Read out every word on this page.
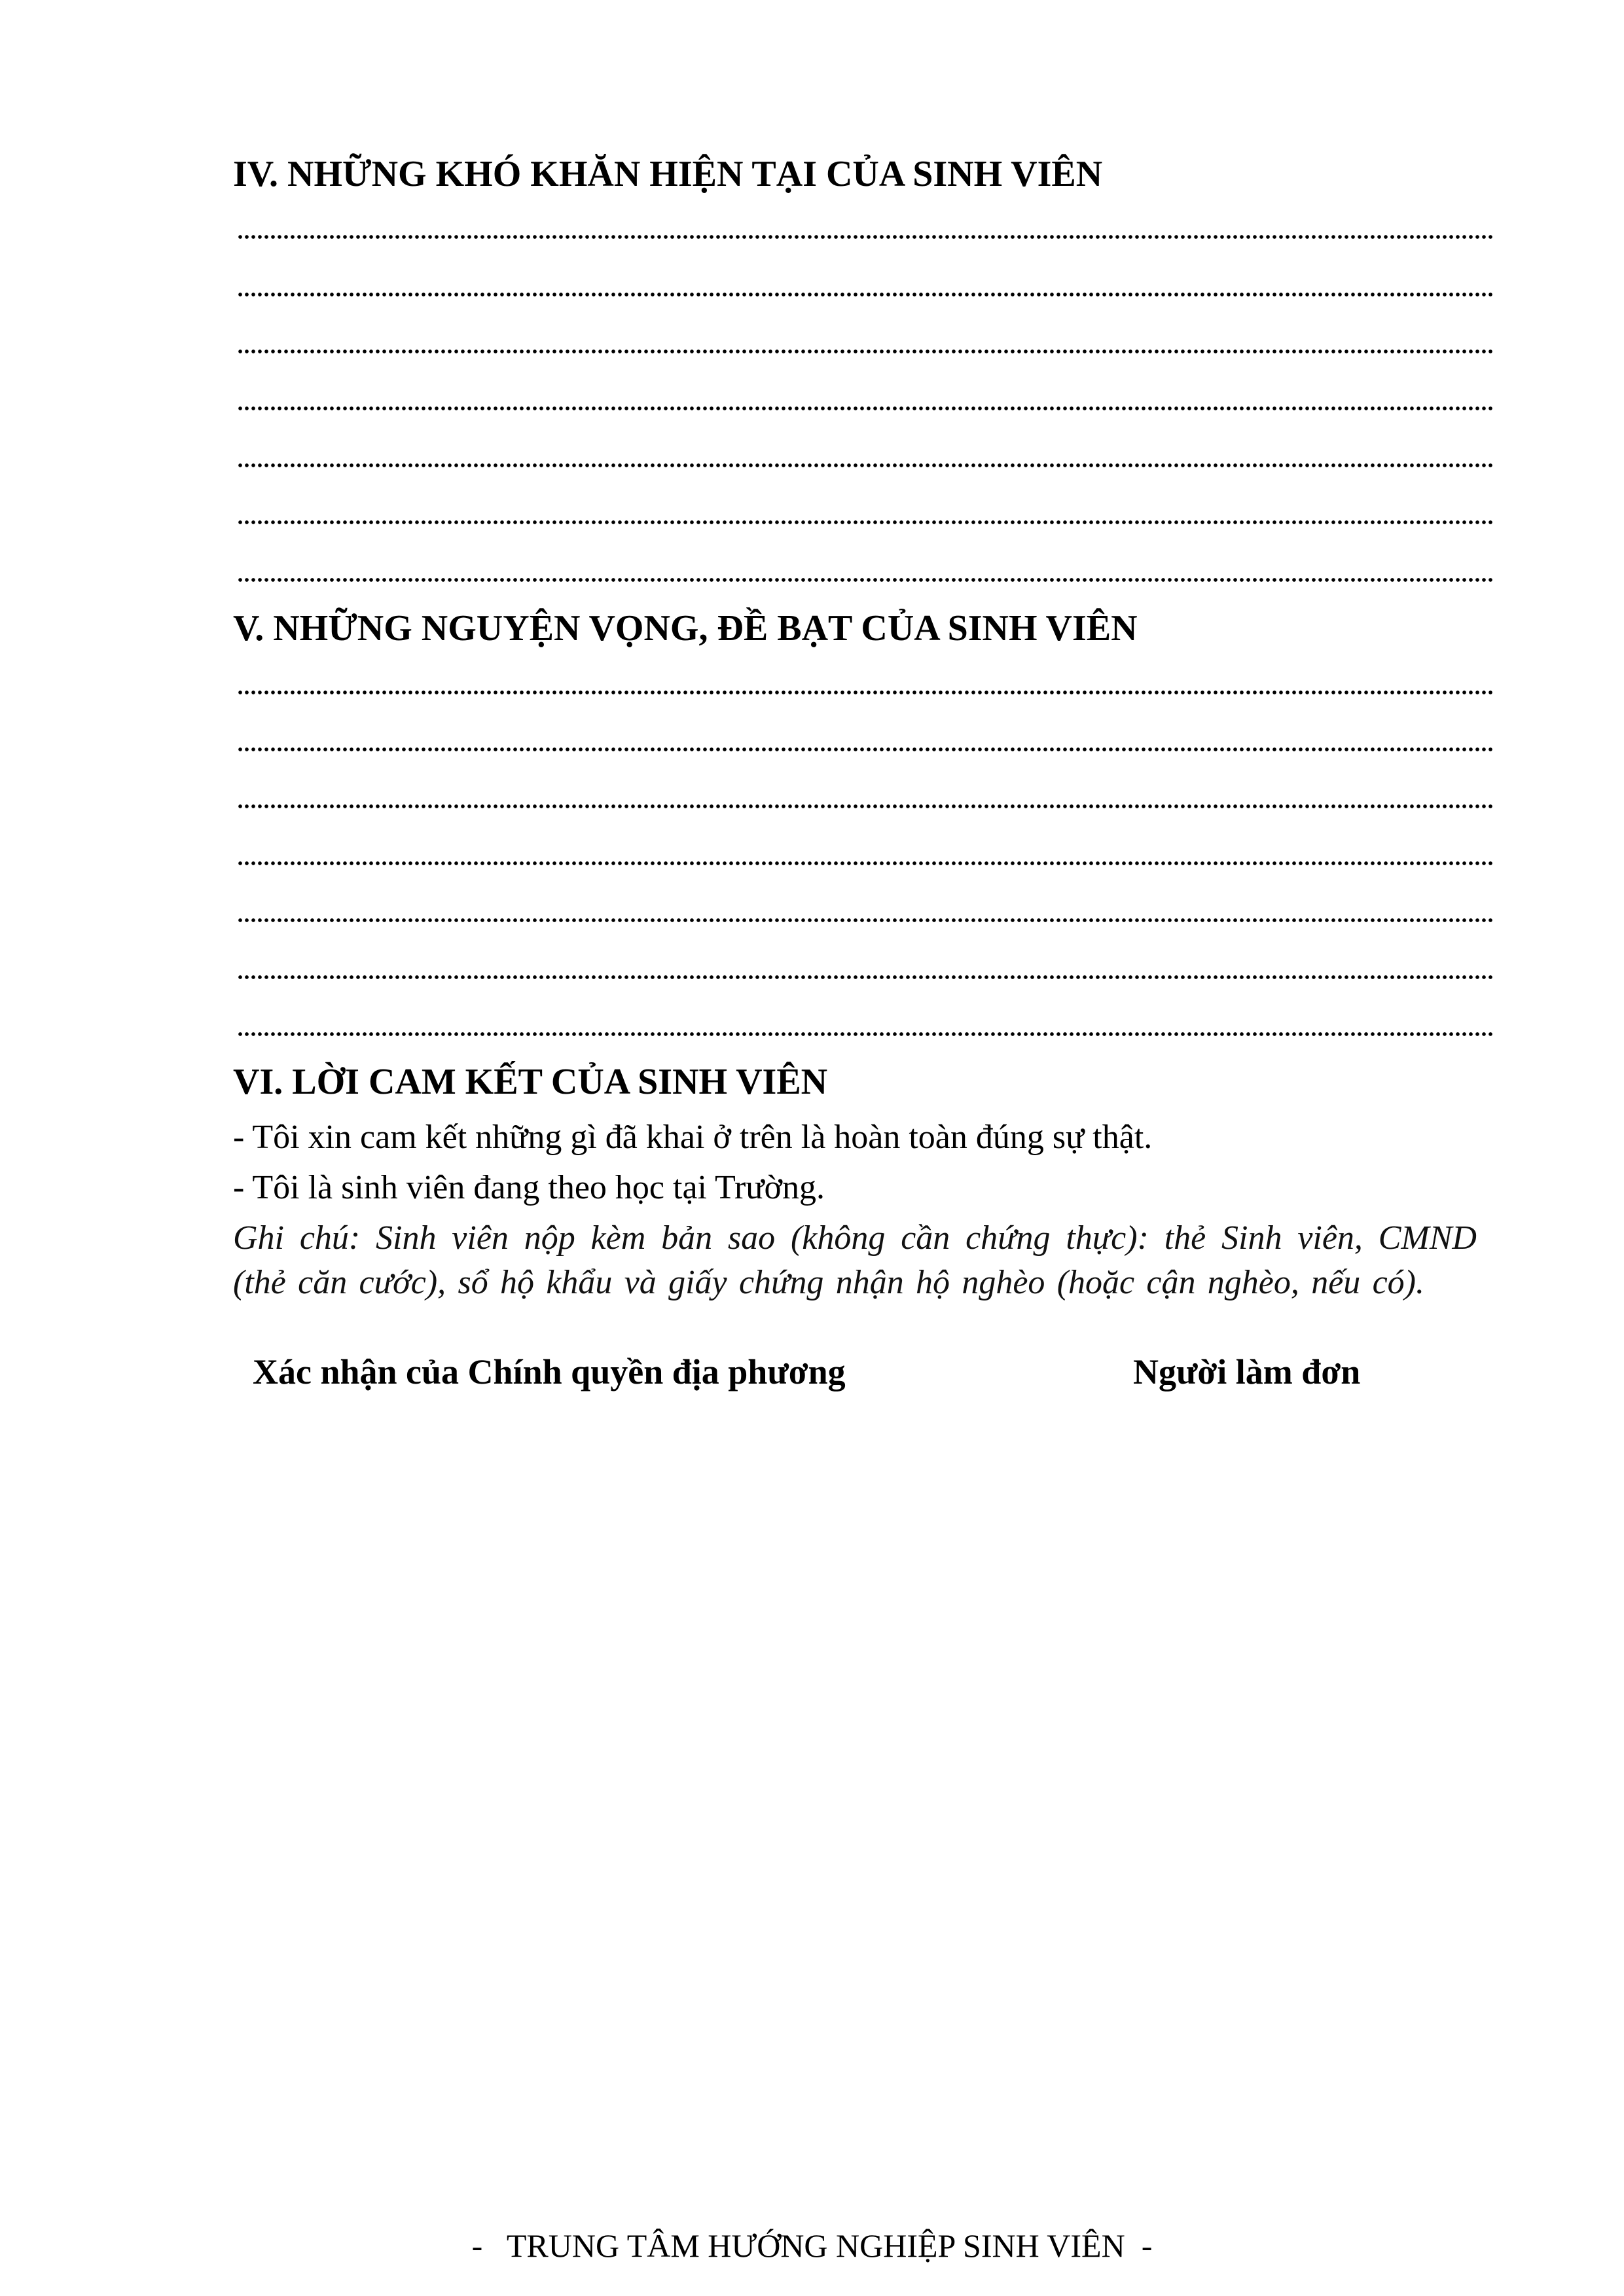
IV. NHỮNG KHÓ KHĂN HIỆN TẠI CỦA SINH VIÊN
V. NHỮNG NGUYỆN VỌNG, ĐỀ BẠT CỦA SINH VIÊN
VI. LỜI CAM KẾT CỦA SINH VIÊN
- Tôi xin cam kết những gì đã khai ở trên là hoàn toàn đúng sự thật.
- Tôi là sinh viên đang theo học tại Trường.
Ghi chú: Sinh viên nộp kèm bản sao (không cần chứng thực): thẻ Sinh viên, CMND
(thẻ căn cước), sổ hộ khẩu và giấy chứng nhận hộ nghèo (hoặc cận nghèo, nếu có).
Xác nhận của Chính quyền địa phương	Người làm đơn
-   TRUNG TÂM HƯỚNG NGHIỆP SINH VIÊN  -
